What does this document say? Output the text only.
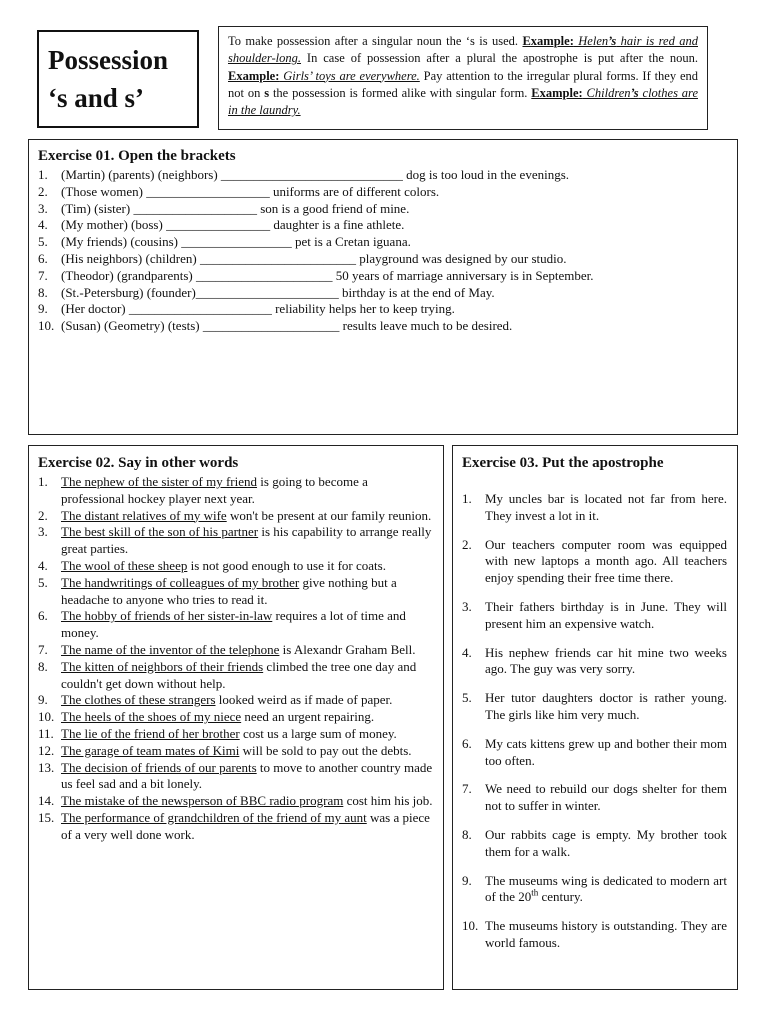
Possession
‘s and s’

To make possession after a singular noun the ‘s is used. Example: Helen’s hair is red and shoulder-long. In case of possession after a plural the apostrophe is put after the noun. Example: Girls’ toys are everywhere. Pay attention to the irregular plural forms. If they end not on s the possession is formed alike with singular form. Example: Children’s clothes are in the laundry.

Exercise 01. Open the brackets
1.	(Martin) (parents) (neighbors) ____________________________ dog is too loud in the evenings.
2.	(Those women) ___________________ uniforms are of different colors.
3.	(Tim) (sister) ___________________ son is a good friend of mine.
4.	(My mother) (boss) ________________ daughter is a fine athlete.
5.	(My friends) (cousins) _________________ pet is a Cretan iguana.
6.	(His neighbors) (children) ________________________ playground was designed by our studio.
7.	(Theodor) (grandparents) _____________________ 50 years of marriage anniversary is in September.
8.	(St.-Petersburg) (founder)______________________ birthday is at the end of May.
9.	(Her doctor) ______________________ reliability helps her to keep trying.
10. (Susan) (Geometry) (tests) _____________________ results leave much to be desired.
Exercise 02. Say in other words
1.	The nephew of the sister of my friend is going to become a professional hockey player next year.
2.	The distant relatives of my wife won't be present at our family reunion.
3.	The best skill of the son of his partner is his capability to arrange really great parties.
4.	The wool of these sheep is not good enough to use it for coats.
5.	The handwritings of colleagues of my brother give nothing but a headache to anyone who tries to read it.
6.	The hobby of friends of her sister-in-law requires a lot of time and money.
7.	The name of the inventor of the telephone is Alexandr Graham Bell.
8.	The kitten of neighbors of their friends climbed the tree one day and couldn't get down without help.
9.	The clothes of these strangers looked weird as if made of paper.
10. The heels of the shoes of my niece need an urgent repairing.
11. The lie of the friend of her brother cost us a large sum of money.
12. The garage of team mates of Kimi will be sold to pay out the debts.
13. The decision of friends of our parents to move to another country made us feel sad and a bit lonely.
14. The mistake of the newsperson of BBC radio program cost him his job.
15. The performance of grandchildren of the friend of my aunt was a piece of a very well done work.
Exercise 03. Put the apostrophe
1.	My uncles bar is located not far from here. They invest a lot in it.
2.	Our teachers computer room was equipped with new laptops a month ago. All teachers enjoy spending their free time there.
3.	Their fathers birthday is in June. They will present him an expensive watch.
4.	His nephew friends car hit mine two weeks ago. The guy was very sorry.
5.	Her tutor daughters doctor is rather young. The girls like him very much.
6.	My cats kittens grew up and bother their mom too often.
7.	We need to rebuild our dogs shelter for them not to suffer in winter.
8.	Our rabbits cage is empty. My brother took them for a walk.
9.	The museums wing is dedicated to modern art of the 20th century.
10. The museums history is outstanding. They are world famous.
